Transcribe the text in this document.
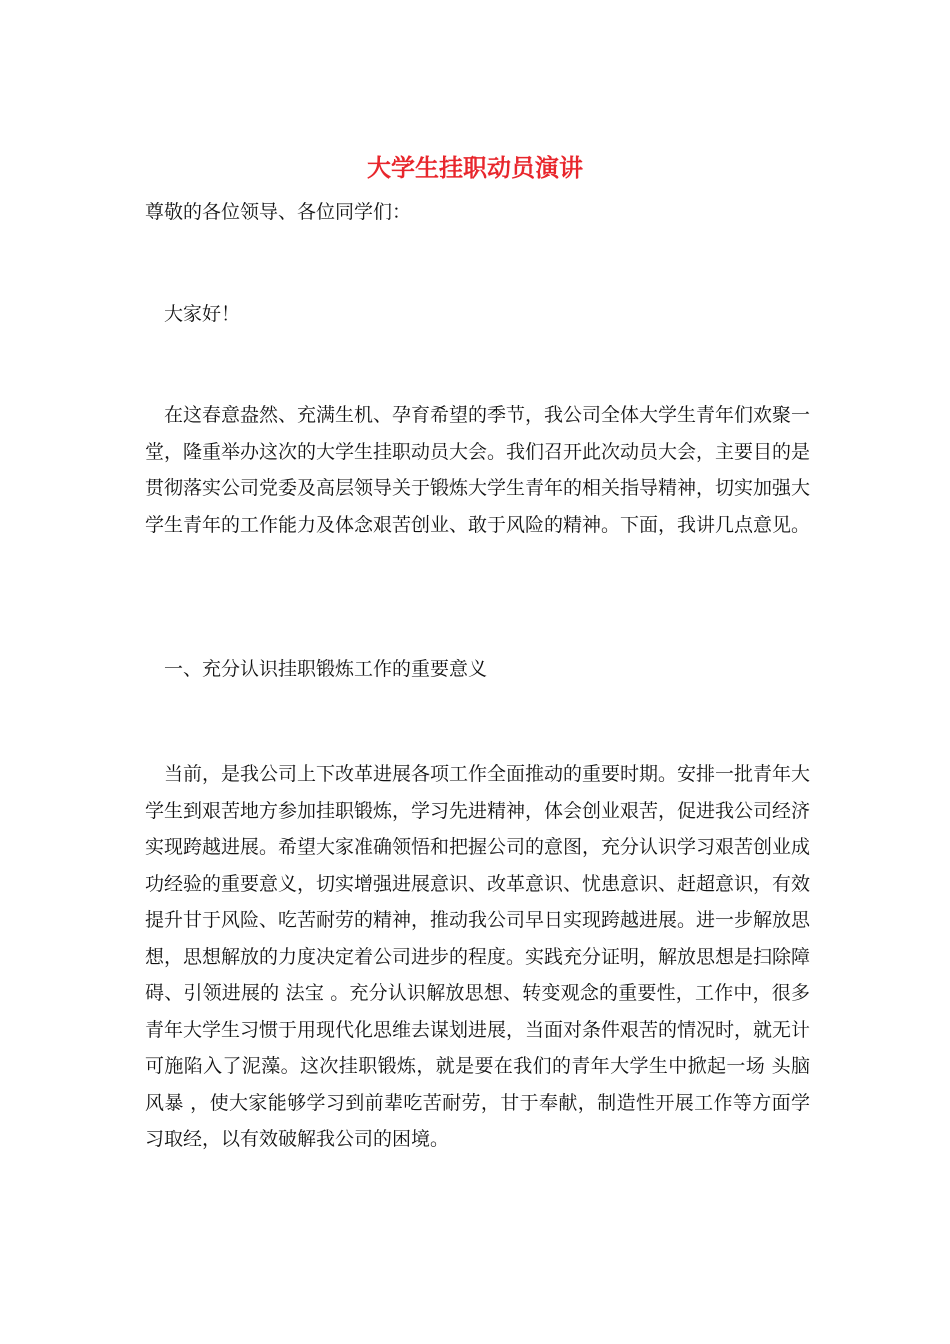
大学生挂职动员演讲

尊敬的各位领导、各位同学们：

大家好！

在这春意盎然、充满生机、孕育希望的季节，我公司全体大学生青年们欢聚一堂，隆重举办这次的大学生挂职动员大会。我们召开此次动员大会，主要目的是贯彻落实公司党委及高层领导关于锻炼大学生青年的相关指导精神，切实加强大学生青年的工作能力及体念艰苦创业、敢于风险的精神。下面，我讲几点意见。

一、充分认识挂职锻炼工作的重要意义

当前，是我公司上下改革进展各项工作全面推动的重要时期。安排一批青年大学生到艰苦地方参加挂职锻炼，学习先进精神，体会创业艰苦，促进我公司经济实现跨越进展。希望大家准确领悟和把握公司的意图，充分认识学习艰苦创业成功经验的重要意义，切实增强进展意识、改革意识、忧患意识、赶超意识，有效提升甘于风险、吃苦耐劳的精神，推动我公司早日实现跨越进展。进一步解放思想，思想解放的力度决定着公司进步的程度。实践充分证明，解放思想是扫除障碍、引领进展的 法宝 。充分认识解放思想、转变观念的重要性，工作中，很多青年大学生习惯于用现代化思维去谋划进展，当面对条件艰苦的情况时，就无计可施陷入了泥藻。这次挂职锻炼，就是要在我们的青年大学生中掀起一场 头脑风暴 ，使大家能够学习到前辈吃苦耐劳，甘于奉献，制造性开展工作等方面学习取经，以有效破解我公司的困境。
